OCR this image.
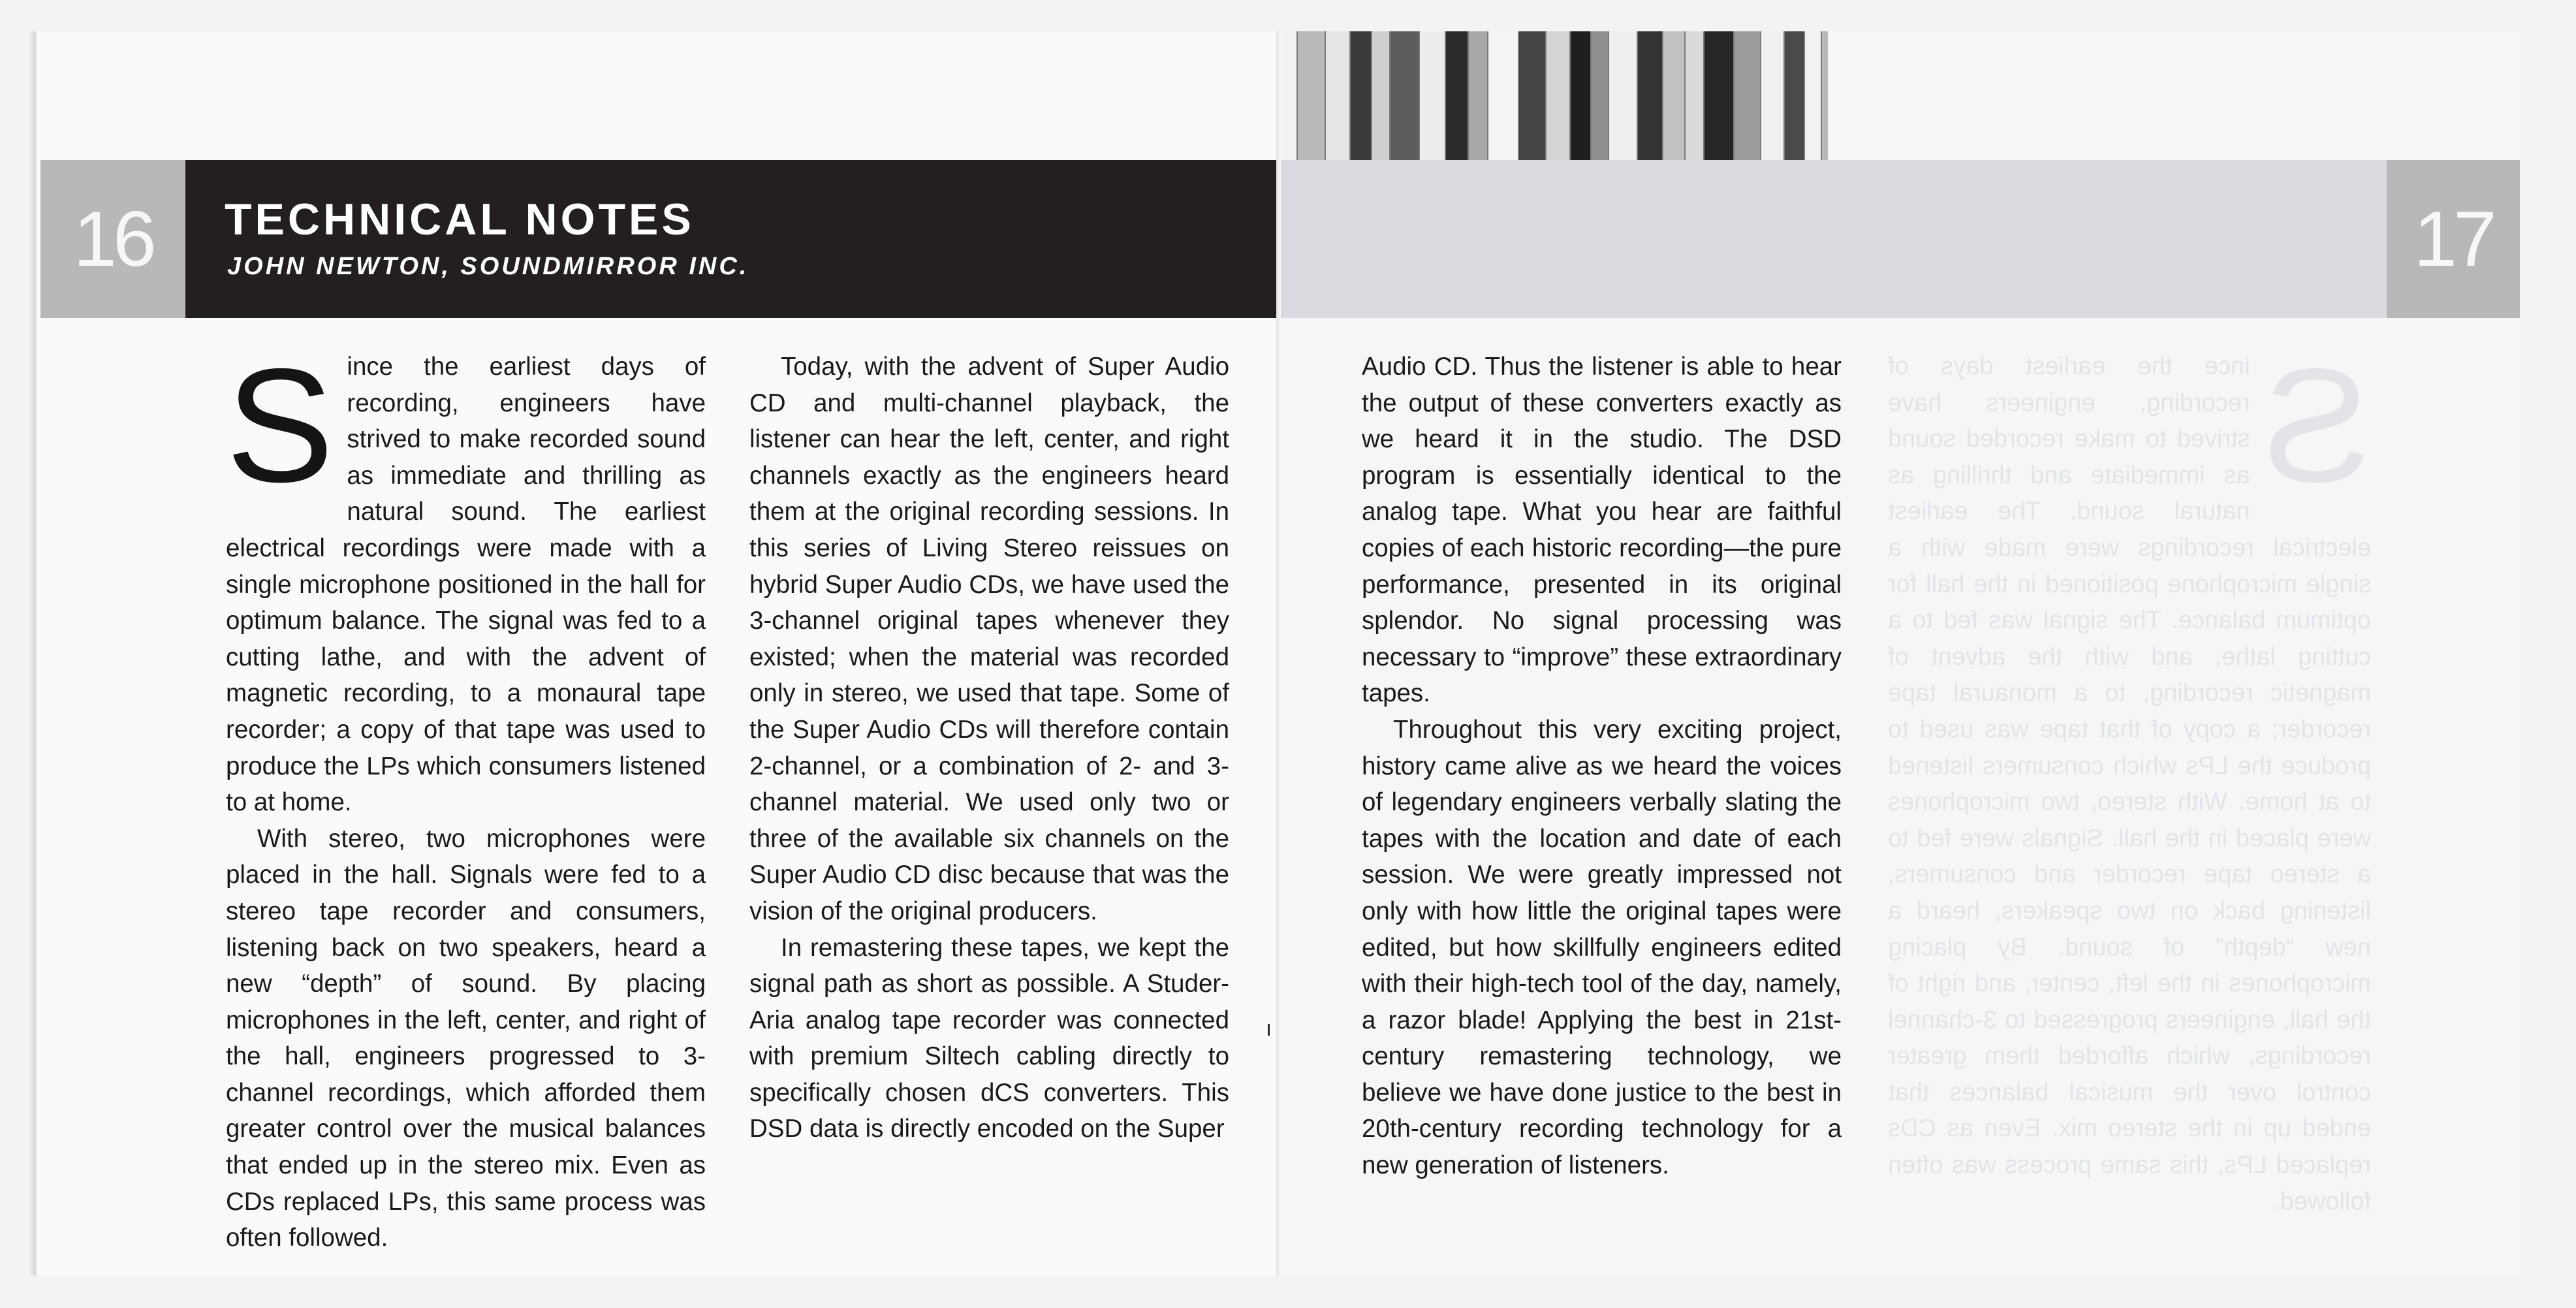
16	TECHNICAL NOTES
JOHN NEWTON, SOUNDMIRROR INC.

Since the earliest days of recording, engineers have strived to make recorded sound as immediate and thrilling as natural sound. The earliest electrical recordings were made with a single microphone positioned in the hall for optimum balance. The signal was fed to a cutting lathe, and with the advent of magnetic recording, to a monaural tape recorder; a copy of that tape was used to produce the LPs which consumers listened to at home.

With stereo, two microphones were placed in the hall. Signals were fed to a stereo tape recorder and consumers, listening back on two speakers, heard a new “depth” of sound. By placing microphones in the left, center, and right of the hall, engineers progressed to 3-channel recordings, which afforded them greater control over the musical balances that ended up in the stereo mix. Even as CDs replaced LPs, this same process was often followed.

Today, with the advent of Super Audio CD and multi-channel playback, the listener can hear the left, center, and right channels exactly as the engineers heard them at the original recording sessions. In this series of Living Stereo reissues on hybrid Super Audio CDs, we have used the 3-channel original tapes whenever they existed; when the material was recorded only in stereo, we used that tape. Some of the Super Audio CDs will therefore contain 2-channel, or a combination of 2- and 3-channel material. We used only two or three of the available six channels on the Super Audio CD disc because that was the vision of the original producers.

In remastering these tapes, we kept the signal path as short as possible. A Studer-Aria analog tape recorder was connected with premium Siltech cabling directly to specifically chosen dCS converters. This DSD data is directly encoded on the Super

17

Audio CD. Thus the listener is able to hear the output of these converters exactly as we heard it in the studio. The DSD program is essentially identical to the analog tape. What you hear are faithful copies of each historic recording—the pure performance, presented in its original splendor. No signal processing was necessary to “improve” these extraordinary tapes.

Throughout this very exciting project, history came alive as we heard the voices of legendary engineers verbally slating the tapes with the location and date of each session. We were greatly impressed not only with how little the original tapes were edited, but how skillfully engineers edited with their high-tech tool of the day, namely, a razor blade! Applying the best in 21st-century remastering technology, we believe we have done justice to the best in 20th-century recording technology for a new generation of listeners.

S
ince the earliest days of recording, engineers have strived to make recorded sound as immediate and thrilling as natural sound. The earliest electrical recordings were made with a single microphone positioned in the hall for optimum balance. The signal was fed to a cutting lathe, and with the advent of magnetic recording, to a monaural tape recorder; a copy of that tape was used to produce the LPs which consumers listened to at home. With stereo, two microphones were placed in the hall. Signals were fed to a stereo tape recorder and consumers, listening back on two speakers, heard a new “depth” of sound. By placing microphones in the left, center, and right of the hall, engineers progressed to 3-channel recordings, which afforded them greater control over the musical balances that ended up in the stereo mix. Even as CDs replaced LPs, this same process was often followed.
